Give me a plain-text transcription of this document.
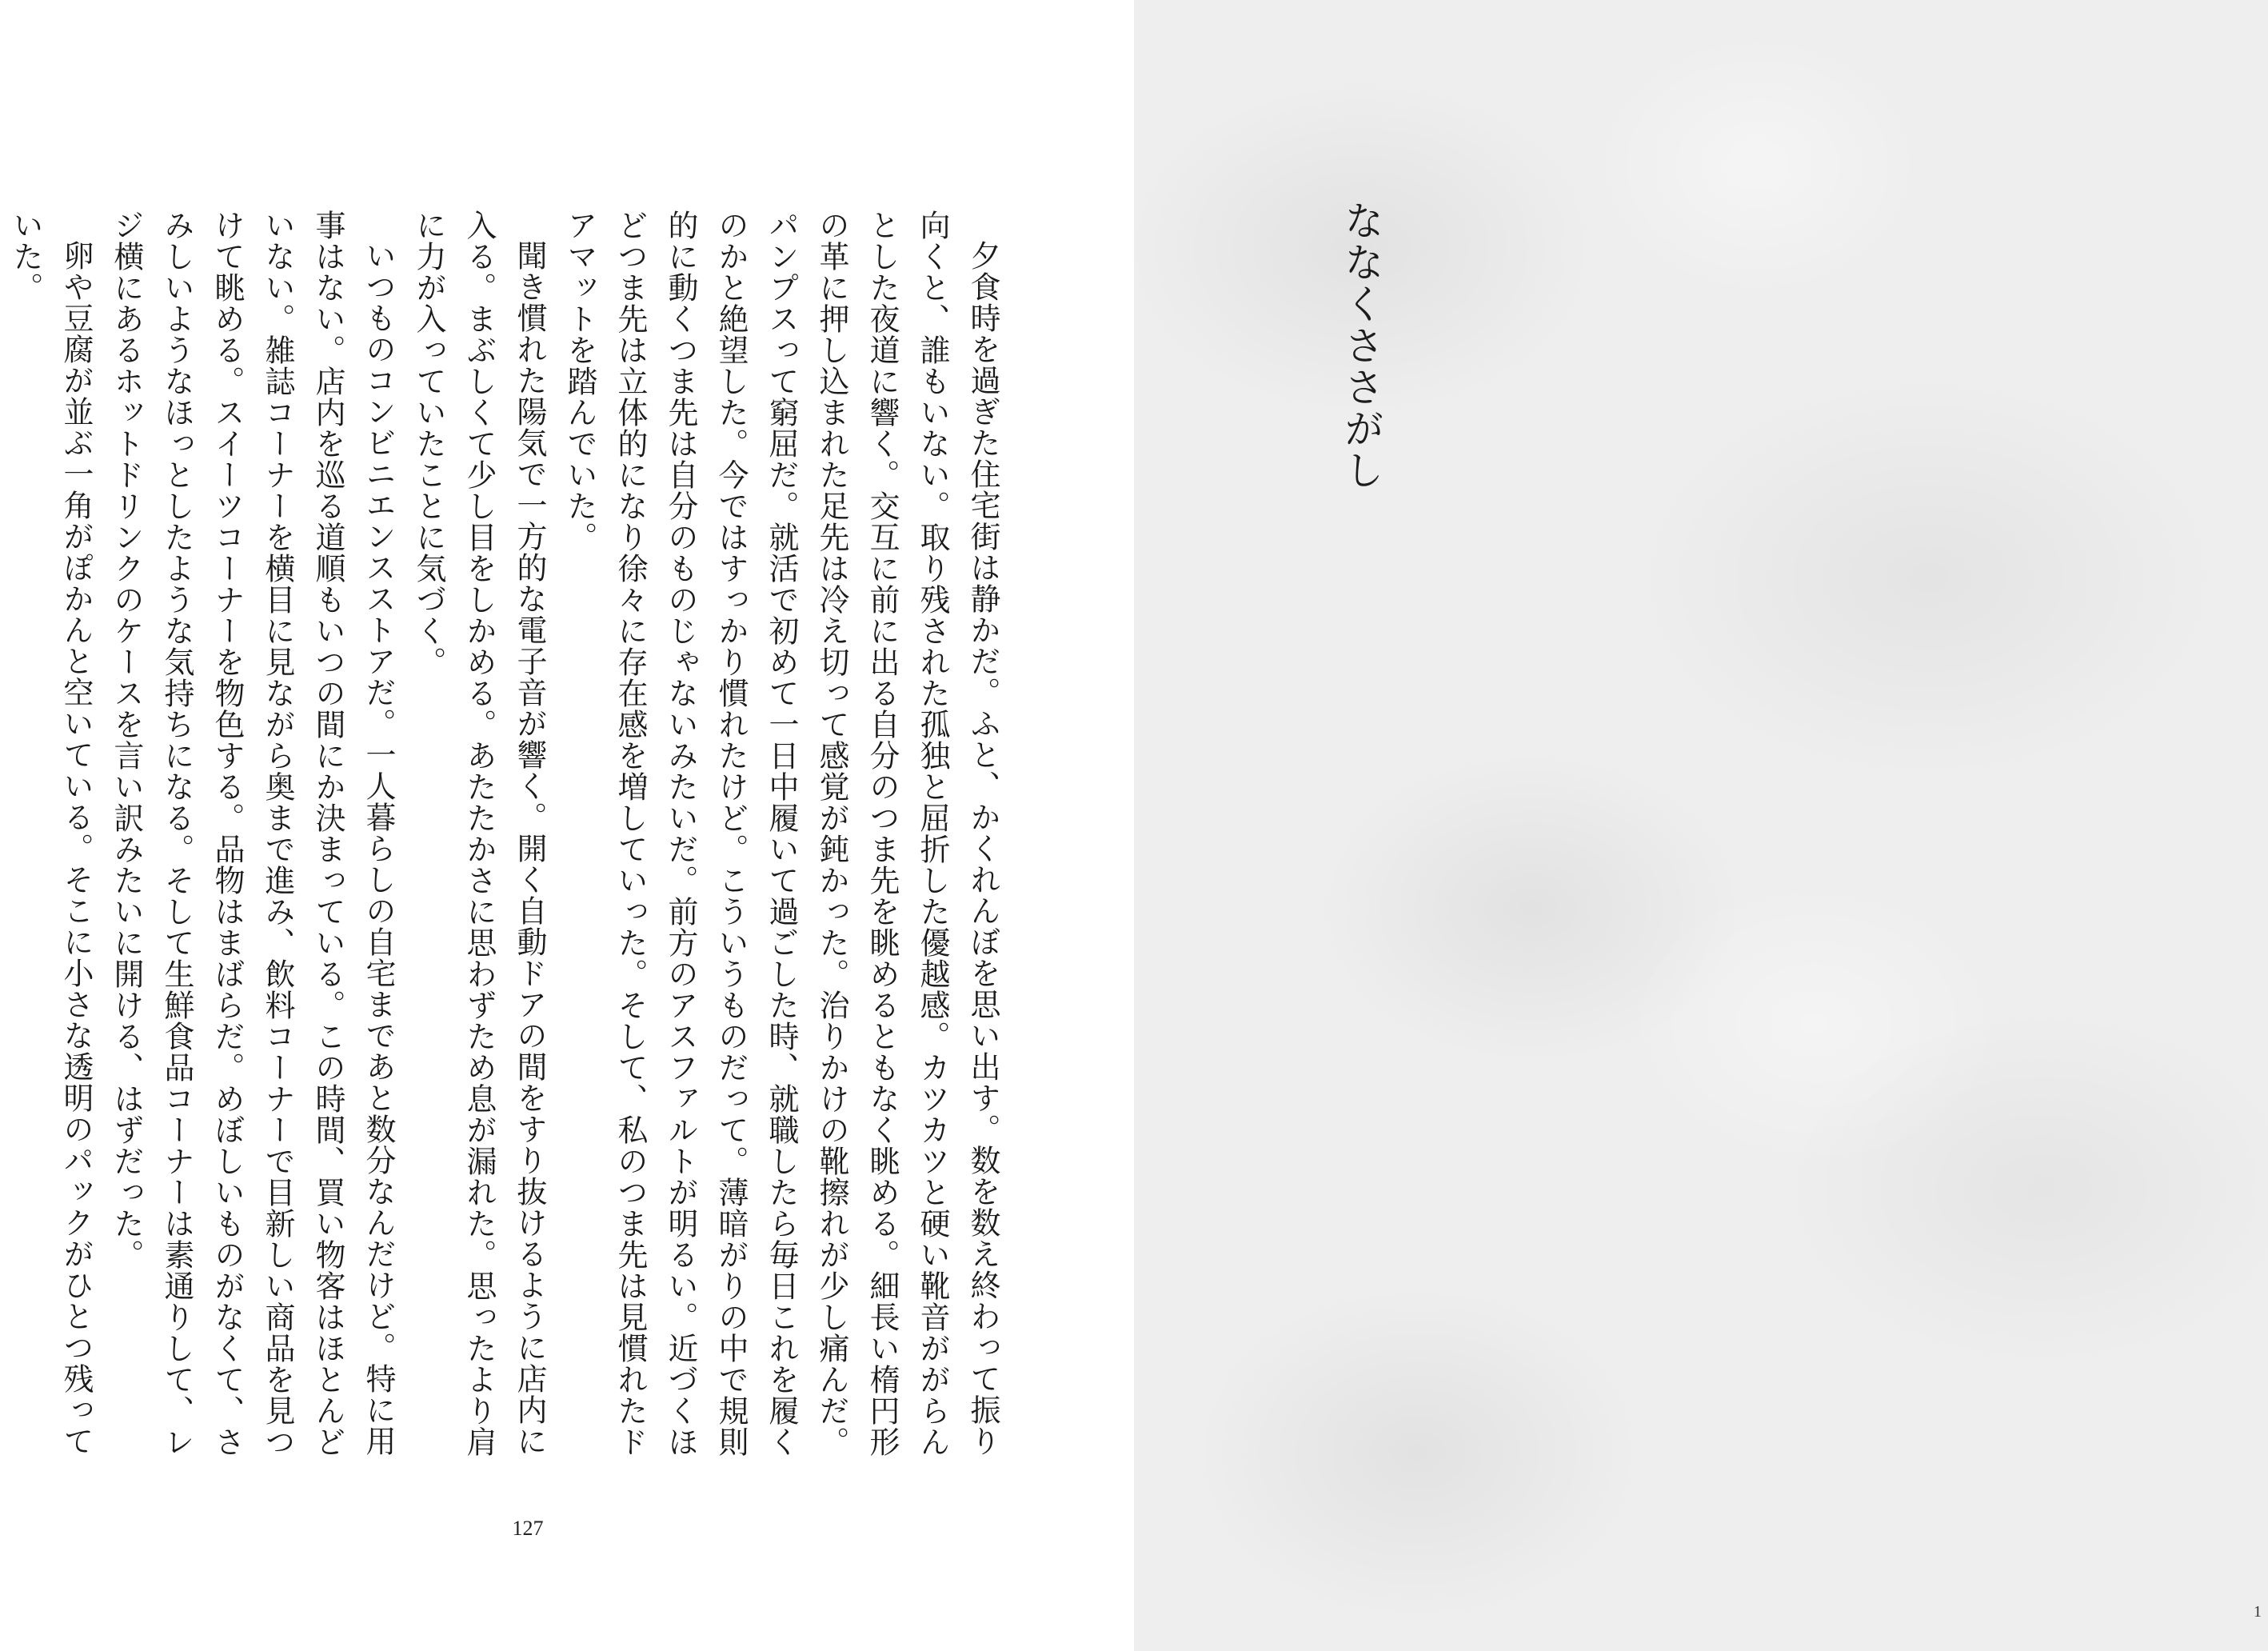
夕食時を過ぎた住宅街は静かだ。ふと、かくれんぼを思い出す。数を数え終わって振り向くと、誰もいない。取り残された孤独と屈折した優越感。カツカツと硬い靴音ががらんとした夜道に響く。交互に前に出る自分のつま先を眺めるともなく眺める。細長い楕円形の革に押し込まれた足先は冷え切って感覚が鈍かった。治りかけの靴擦れが少し痛んだ。パンプスって窮屈だ。就活で初めて一日中履いて過ごした時、就職したら毎日これを履くのかと絶望した。今ではすっかり慣れたけど。こういうものだって。薄暗がりの中で規則的に動くつま先は自分のものじゃないみたいだ。前方のアスファルトが明るい。近づくほどつま先は立体的になり徐々に存在感を増していった。そして、私のつま先は見慣れたドアマットを踏んでいた。

聞き慣れた陽気で一方的な電子音が響く。開く自動ドアの間をすり抜けるように店内に入る。まぶしくて少し目をしかめる。あたたかさに思わずため息が漏れた。思ったより肩に力が入っていたことに気づく。

いつものコンビニエンスストアだ。一人暮らしの自宅まであと数分なんだけど。特に用事はない。店内を巡る道順もいつの間にか決まっている。この時間、買い物客はほとんどいない。雑誌コーナーを横目に見ながら奥まで進み、飲料コーナーで目新しい商品を見つけて眺める。スイーツコーナーを物色する。品物はまばらだ。めぼしいものがなくて、さみしいようなほっとしたような気持ちになる。そして生鮮食品コーナーは素通りして、レジ横にあるホットドリンクのケースを言い訳みたいに開ける、はずだった。

卵や豆腐が並ぶ一角がぽかんと空いている。そこに小さな透明のパックがひとつ残っていた。

127
ななくささがし
1
